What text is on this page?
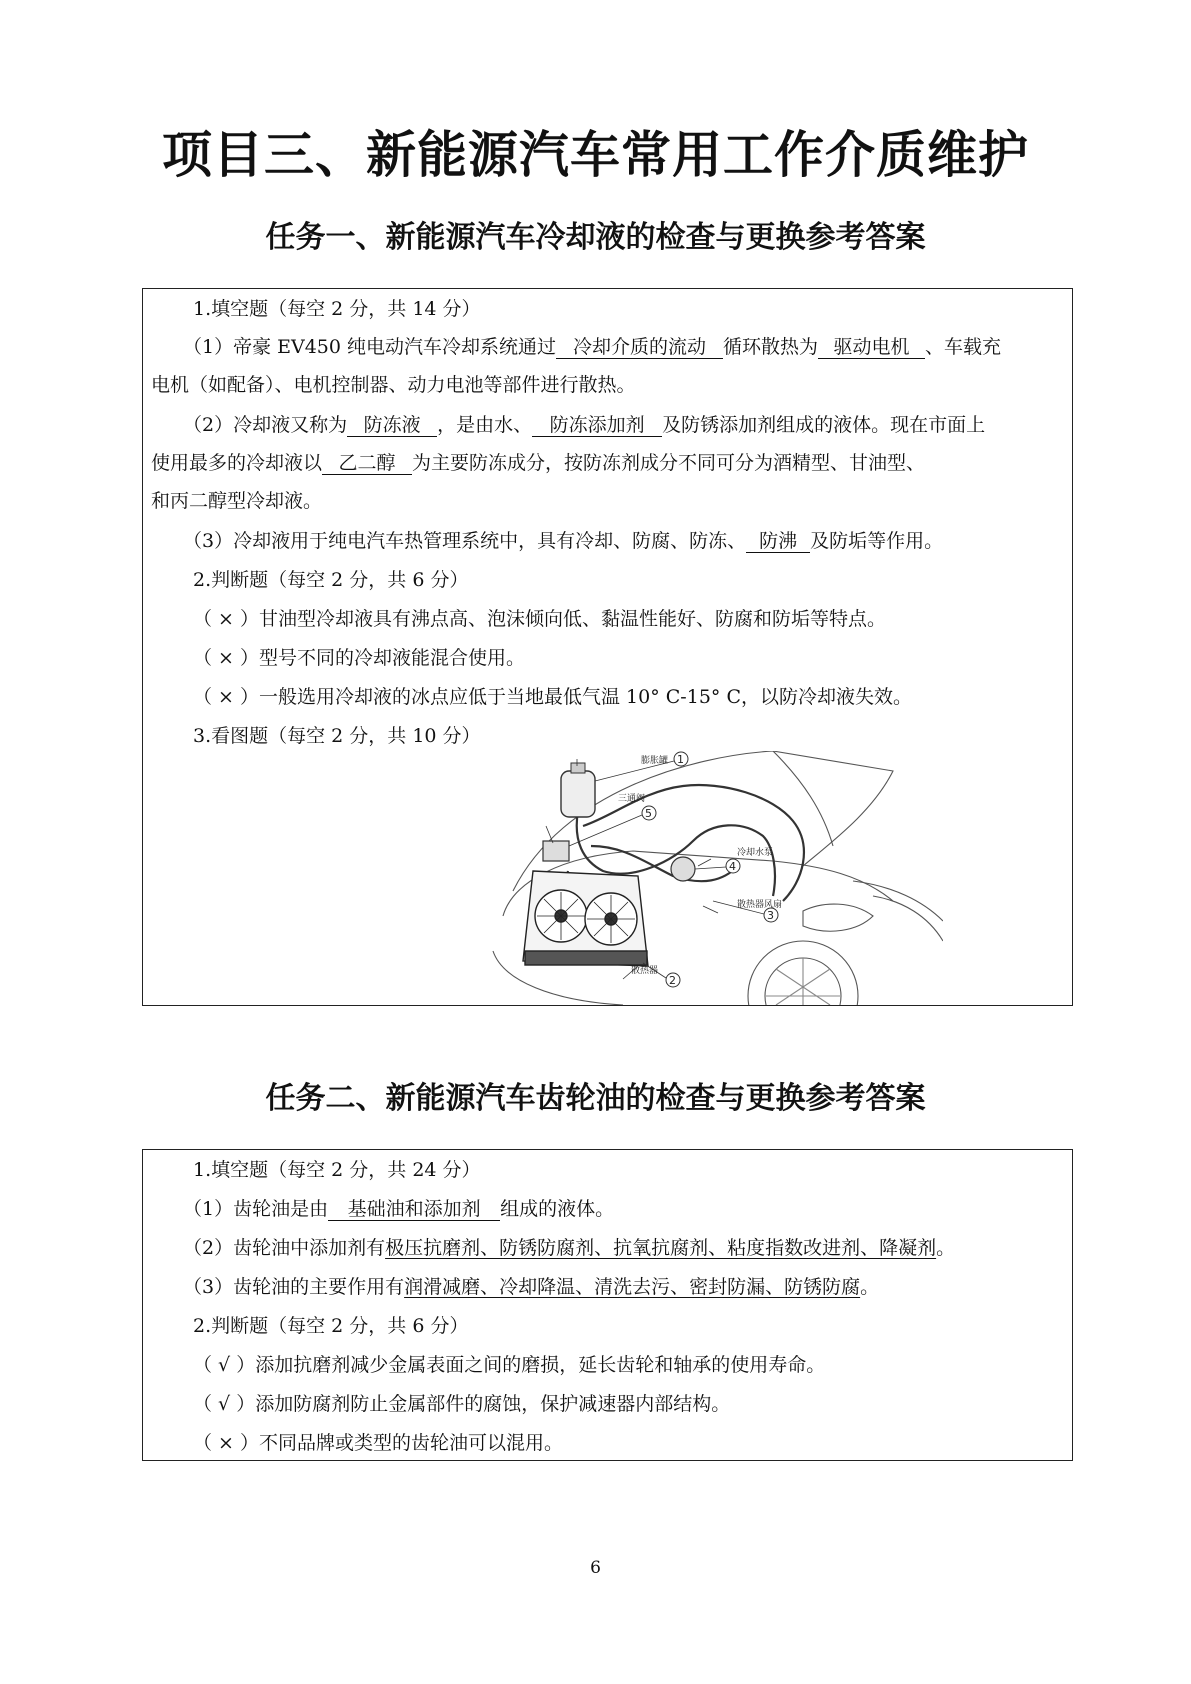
项目三、新能源汽车常用工作介质维护
任务一、新能源汽车冷却液的检查与更换参考答案
1.填空题（每空 2 分，共 14 分）
（1）帝豪 EV450 纯电动汽车冷却系统通过 冷却介质的流动 循环散热为 驱动电机 、车载充
电机（如配备）、电机控制器、动力电池等部件进行散热。
（2）冷却液又称为 防冻液 ，是由水、 防冻添加剂 及防锈添加剂组成的液体。现在市面上
使用最多的冷却液以 乙二醇 为主要防冻成分，按防冻剂成分不同可分为酒精型、甘油型、
和丙二醇型冷却液。
（3）冷却液用于纯电汽车热管理系统中，具有冷却、防腐、防冻、 防沸 及防垢等作用。
2.判断题（每空 2 分，共 6 分）
（ × ）甘油型冷却液具有沸点高、泡沫倾向低、黏温性能好、防腐和防垢等特点。
（ × ）型号不同的冷却液能混合使用。
（ × ）一般选用冷却液的冰点应低于当地最低气温 10° C-15° C，以防冷却液失效。
3.看图题（每空 2 分，共 10 分）
膨胀罐 1
三通阀
5
冷却水泵
4
散热器风扇
3
散热器
2
任务二、新能源汽车齿轮油的检查与更换参考答案
1.填空题（每空 2 分，共 24 分）
（1）齿轮油是由 基础油和添加剂 组成的液体。
（2）齿轮油中添加剂有极压抗磨剂、防锈防腐剂、抗氧抗腐剂、粘度指数改进剂、降凝剂。
（3）齿轮油的主要作用有润滑减磨、冷却降温、清洗去污、密封防漏、防锈防腐。
2.判断题（每空 2 分，共 6 分）
（ √ ）添加抗磨剂减少金属表面之间的磨损，延长齿轮和轴承的使用寿命。
（ √ ）添加防腐剂防止金属部件的腐蚀，保护减速器内部结构。
（ × ）不同品牌或类型的齿轮油可以混用。
6
